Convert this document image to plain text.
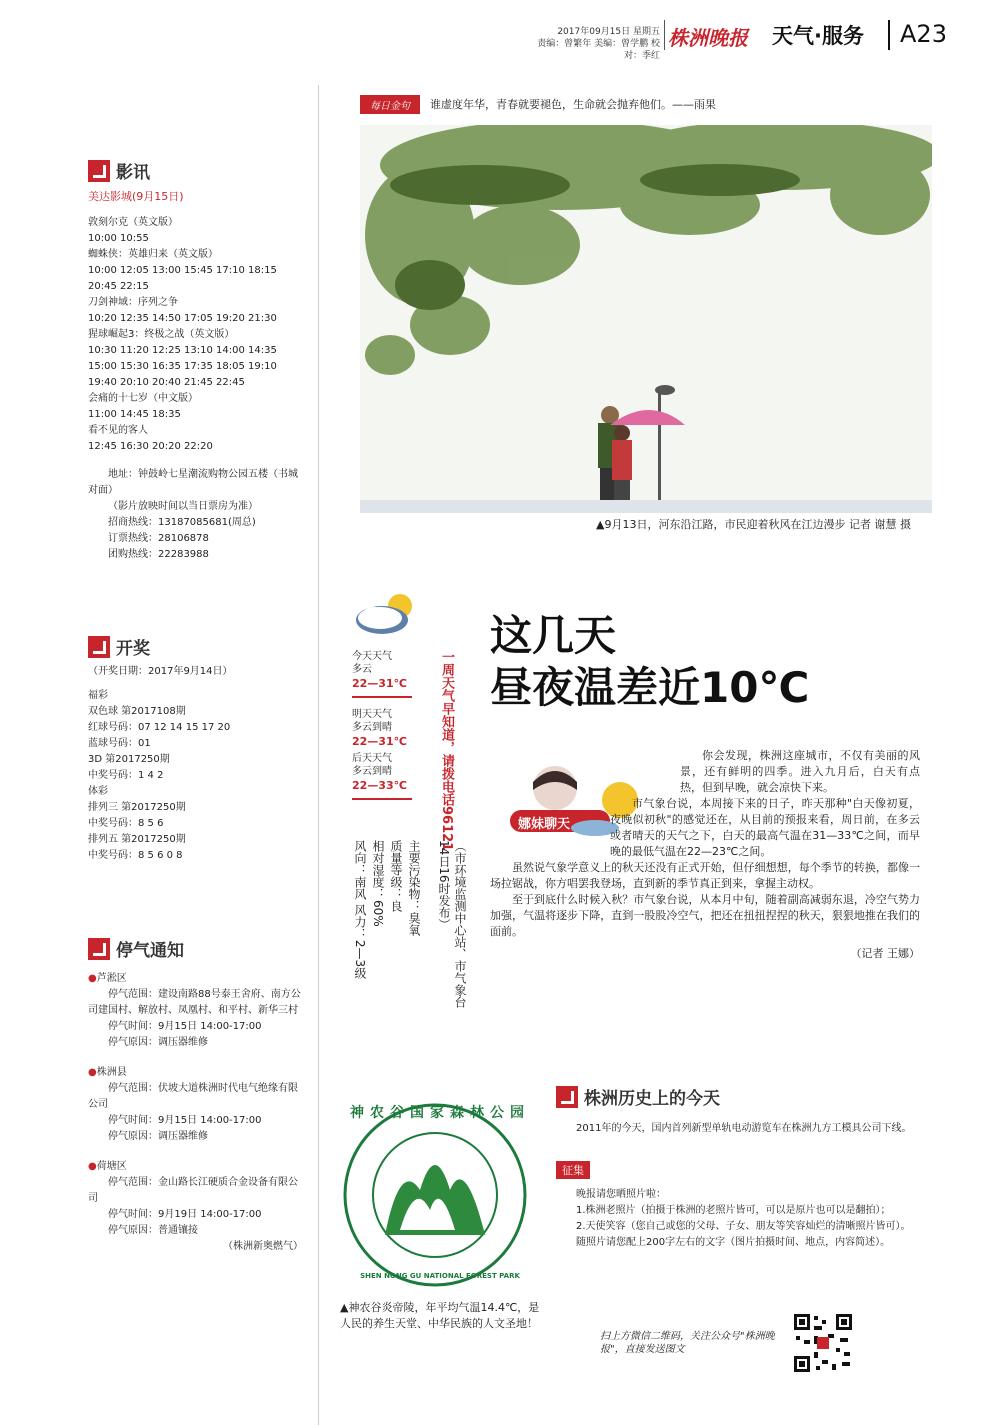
2017年09月15日 星期五
责编：曾繁年 美编：曾学鹏 校对：季红
株洲晚报 天气·服务 A23
每日金句	谁虚度年华，青春就要褪色，生命就会抛弃他们。——雨果
▲9月13日，河东沿江路，市民迎着秋风在江边漫步 记者 谢慧 摄
影讯
美达影城(9月15日)
敦刻尔克（英文版）
10:00 10:55
蜘蛛侠：英雄归来（英文版）
10:00 12:05 13:00 15:45 17:10 18:15
20:45 22:15
刀剑神域：序列之争
10:20 12:35 14:50 17:05 19:20 21:30
猩球崛起3：终极之战（英文版）
10:30 11:20 12:25 13:10 14:00 14:35
15:00 15:30 16:35 17:35 18:05 19:10
19:40 20:10 20:40 21:45 22:45
会痛的十七岁（中文版）
11:00 14:45 18:35
看不见的客人
12:45 16:30 20:20 22:20
地址：钟鼓岭七星潮流购物公园五楼（书城对面）
（影片放映时间以当日票房为准）
招商热线：13187085681(周总)
订票热线：28106878
团购热线：22283988
开奖
（开奖日期：2017年9月14日）
福彩
双色球 第2017108期
红球号码：07 12 14 15 17 20
蓝球号码：01
3D 第2017250期
中奖号码：1 4 2
体彩
排列三 第2017250期
中奖号码：8 5 6
排列五 第2017250期
中奖号码：8 5 6 0 8
停气通知
●芦淞区
停气范围：建设南路88号泰王舍府、南方公司建国村、解放村、凤凰村、和平村、新华三村
停气时间：9月15日 14:00-17:00
停气原因：调压器维修
●株洲县
停气范围：伏坡大道株洲时代电气绝缘有限公司
停气时间：9月15日 14:00-17:00
停气原因：调压器维修
●荷塘区
停气范围：金山路长江硬质合金设备有限公司
停气时间：9月19日 14:00-17:00
停气原因：普通镶接
（株洲新奥燃气）
今天天气
多云
22—31℃
明天天气
多云到晴
22—31℃
后天天气
多云到晴
22—33℃
主要污染物：臭氧
质量等级：良
相对湿度：60%
风向：南风 风力：2—3级
一周天气早知道，请拨电话96121
（市环境监测中心站、市气象台14日16时发布）
这几天
昼夜温差近10℃
娜妹聊天

你会发现，株洲这座城市，不仅有美丽的风景，还有鲜明的四季。进入九月后，白天有点热，但到早晚，就会凉快下来。

市气象台说，本周接下来的日子，昨天那种"白天像初夏，夜晚似初秋"的感觉还在，从目前的预报来看，周日前，在多云或者晴天的天气之下，白天的最高气温在31—33℃之间，而早晚的最低气温在22—23℃之间。

虽然说气象学意义上的秋天还没有正式开始，但仔细想想，每个季节的转换，都像一场拉锯战，你方唱罢我登场，直到新的季节真正到来，拿握主动权。

至于到底什么时候入秋？市气象台说，从本月中旬，随着副高减弱东退，冷空气势力加强，气温将逐步下降，直到一股股冷空气，把还在扭扭捏捏的秋天，狠狠地推在我们的面前。

（记者 王娜）

神农谷国家森林公园
SHEN NONG GU NATIONAL FOREST PARK
▲神农谷炎帝陵，年平均气温14.4℃，是人民的养生天堂、中华民族的人文圣地！
株洲历史上的今天
2011年的今天，国内首列新型单轨电动游览车在株洲九方工模具公司下线。
征集
晚报请您晒照片啦：
1.株洲老照片（拍摄于株洲的老照片皆可，可以是原片也可以是翻拍）；
2.天使笑容（您自己或您的父母、子女、朋友等笑容灿烂的清晰照片皆可）。
随照片请您配上200字左右的文字（图片拍摄时间、地点，内容简述）。
扫上方微信二维码，关注公众号"株洲晚报"，直接发送图文
